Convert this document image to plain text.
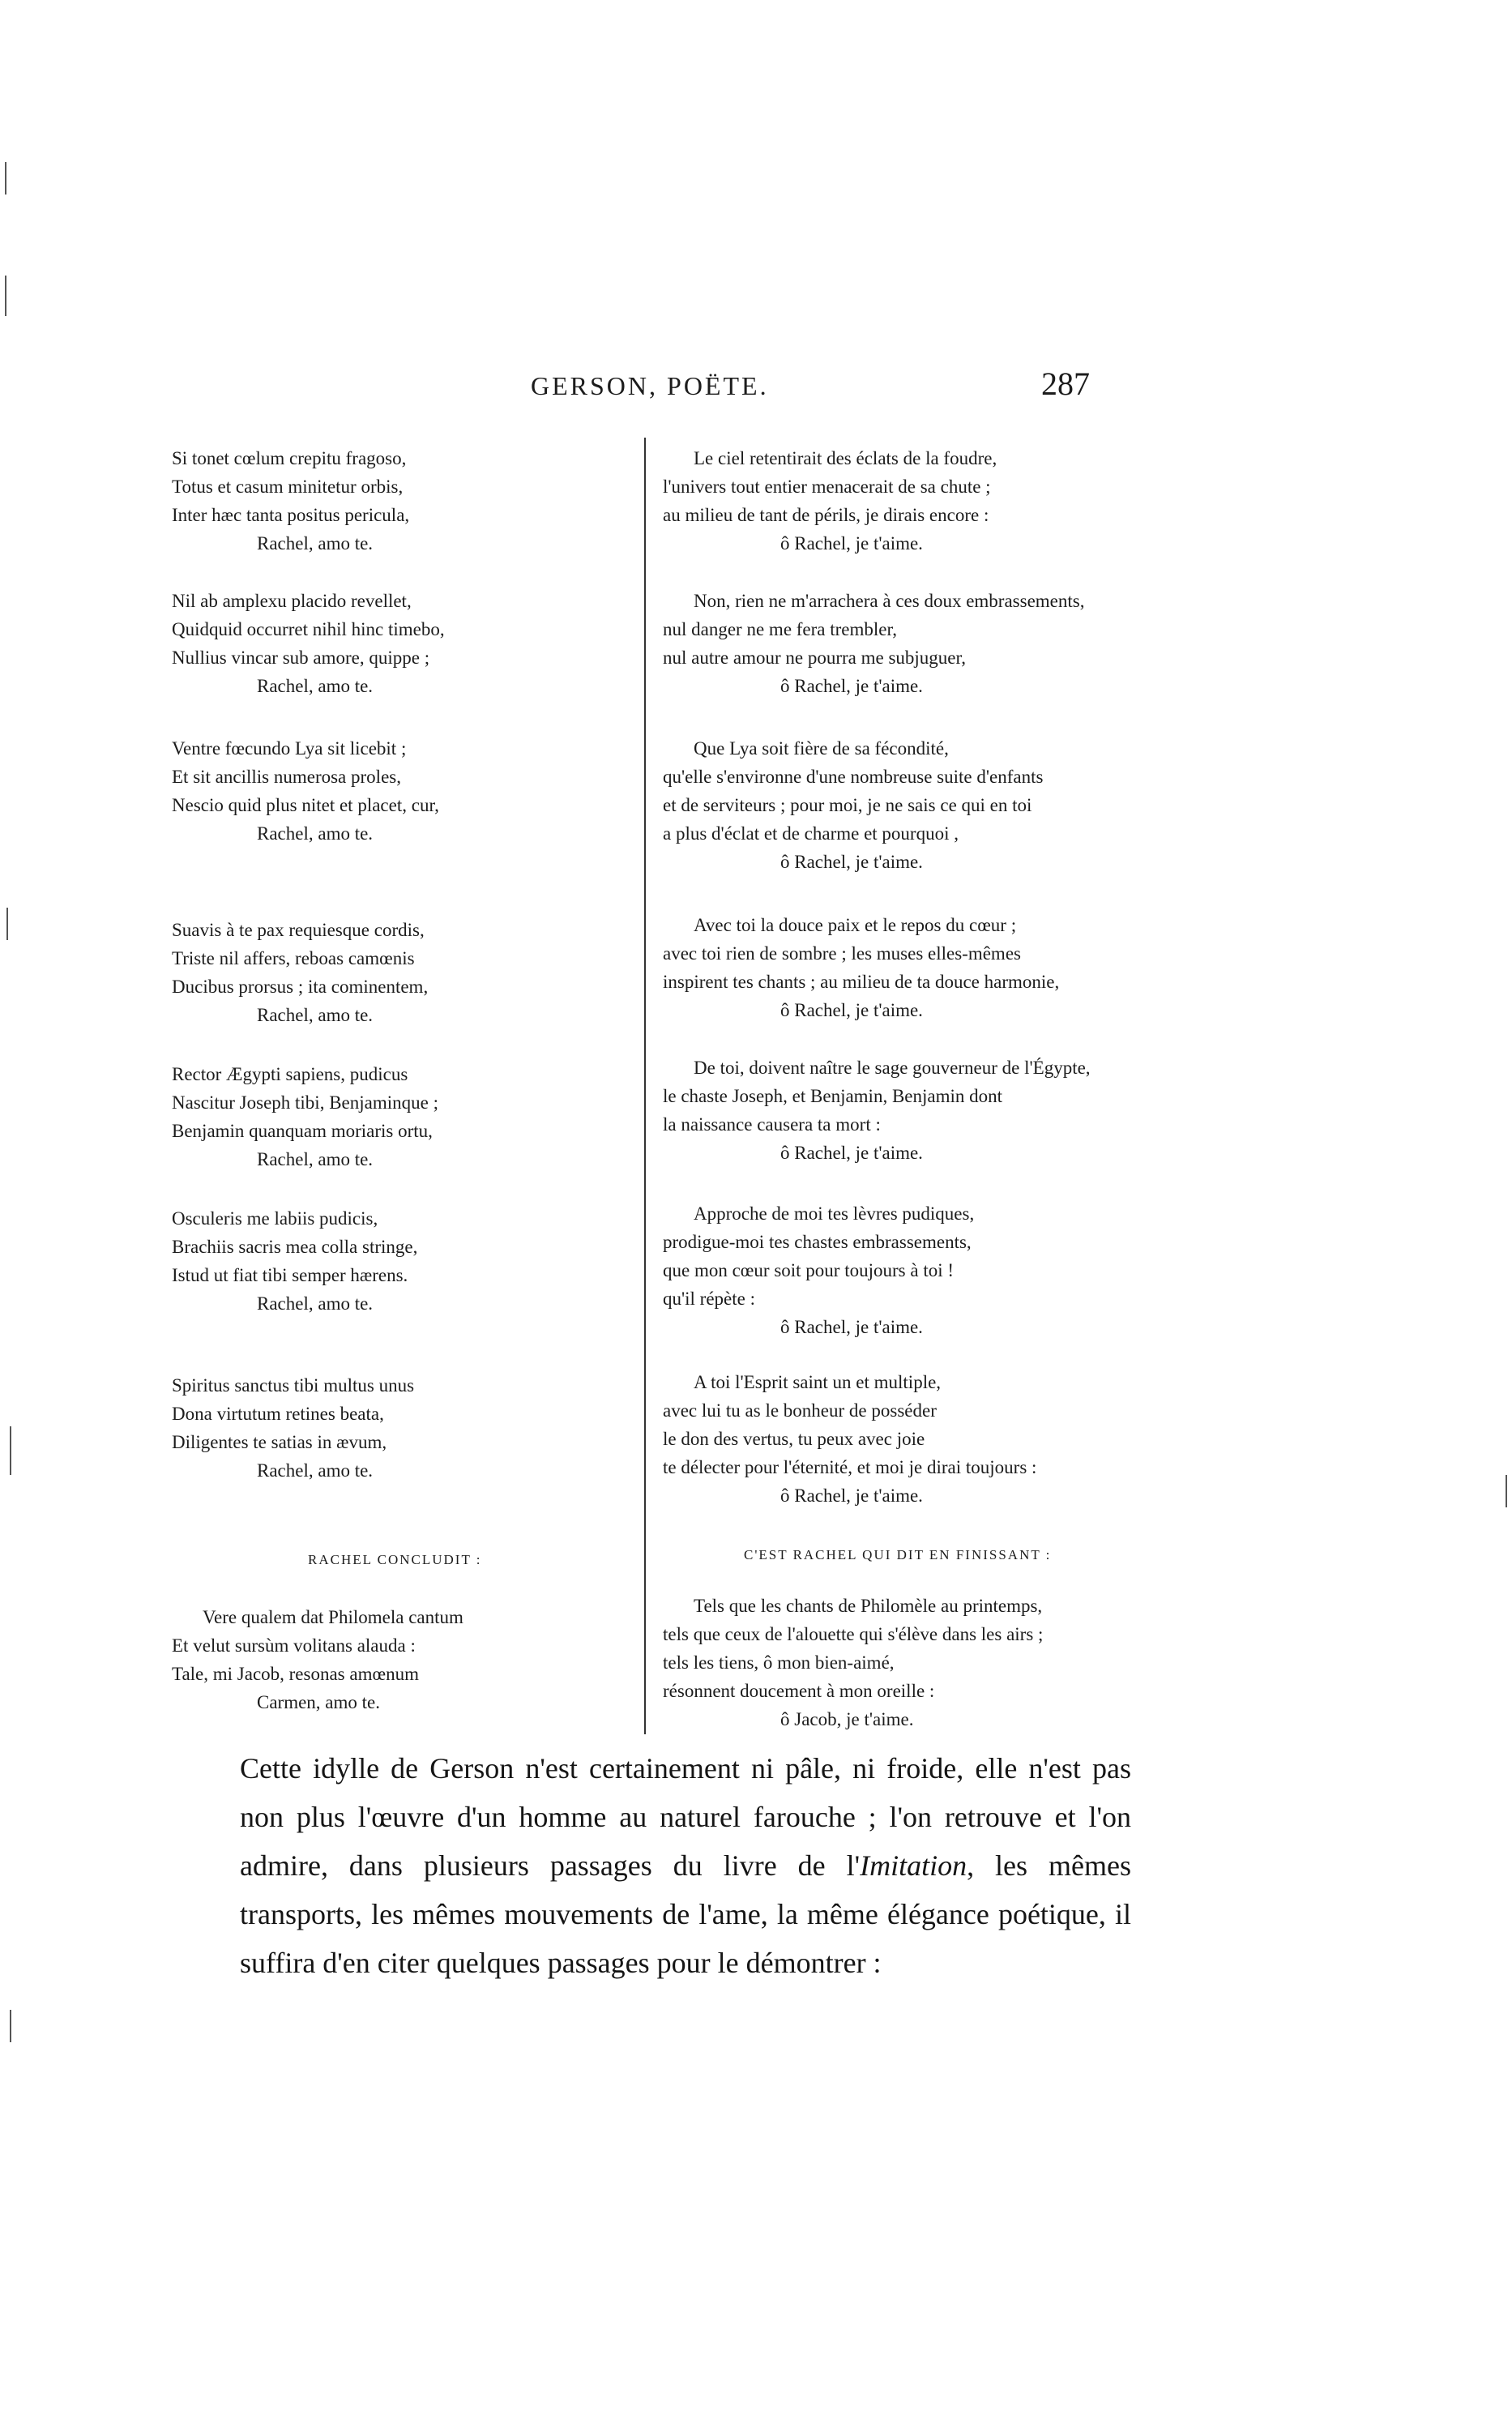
GERSON, POËTE.	287
Si tonet cœlum crepitu fragoso,
Totus et casum minitetur orbis,
Inter hæc tanta positus pericula,
Rachel, amo te.
Nil ab amplexu placido revellet,
Quidquid occurret nihil hinc timebo,
Nullius vincar sub amore, quippe ;
Rachel, amo te.
Ventre fœcundo Lya sit licebit ;
Et sit ancillis numerosa proles,
Nescio quid plus nitet et placet, cur,
Rachel, amo te.
Suavis à te pax requiesque cordis,
Triste nil affers, reboas camœnis
Ducibus prorsus ; ita cominentem,
Rachel, amo te.
Rector Ægypti sapiens, pudicus
Nascitur Joseph tibi, Benjaminque ;
Benjamin quanquam moriaris ortu,
Rachel, amo te.
Osculeris me labiis pudicis,
Brachiis sacris mea colla stringe,
Istud ut fiat tibi semper hærens.
Rachel, amo te.
Spiritus sanctus tibi multus unus
Dona virtutum retines beata,
Diligentes te satias in ævum,
Rachel, amo te.
RACHEL CONCLUDIT :
Vere qualem dat Philomela cantum
Et velut sursùm volitans alauda :
Tale, mi Jacob, resonas amœnum
Carmen, amo te.
Le ciel retentirait des éclats de la foudre,
l'univers tout entier menacerait de sa chute ;
au milieu de tant de périls, je dirais encore :
ô Rachel, je t'aime.
Non, rien ne m'arrachera à ces doux embrassements,
nul danger ne me fera trembler,
nul autre amour ne pourra me subjuguer,
ô Rachel, je t'aime.
Que Lya soit fière de sa fécondité,
qu'elle s'environne d'une nombreuse suite d'enfants
et de serviteurs ; pour moi, je ne sais ce qui en toi
a plus d'éclat et de charme et pourquoi ,
ô Rachel, je t'aime.
Avec toi la douce paix et le repos du cœur ;
avec toi rien de sombre ; les muses elles-mêmes
inspirent tes chants ; au milieu de ta douce harmonie,
ô Rachel, je t'aime.
De toi, doivent naître le sage gouverneur de l'Égypte,
le chaste Joseph, et Benjamin, Benjamin dont
la naissance causera ta mort :
ô Rachel, je t'aime.
Approche de moi tes lèvres pudiques,
prodigue-moi tes chastes embrassements,
que mon cœur soit pour toujours à toi !
qu'il répète :
ô Rachel, je t'aime.
A toi l'Esprit saint un et multiple,
avec lui tu as le bonheur de posséder
le don des vertus, tu peux avec joie
te délecter pour l'éternité, et moi je dirai toujours :
ô Rachel, je t'aime.
C'EST RACHEL QUI DIT EN FINISSANT :
Tels que les chants de Philomèle au printemps,
tels que ceux de l'alouette qui s'élève dans les airs ;
tels les tiens, ô mon bien-aimé,
résonnent doucement à mon oreille :
ô Jacob, je t'aime.

Cette idylle de Gerson n'est certainement ni pâle, ni froide, elle n'est pas non plus l'œuvre d'un homme au naturel farouche ; l'on retrouve et l'on admire, dans plusieurs passages du livre de l'Imitation, les mêmes transports, les mêmes mouvements de l'ame, la même élégance poétique, il suffira d'en citer quelques passages pour le démontrer :
